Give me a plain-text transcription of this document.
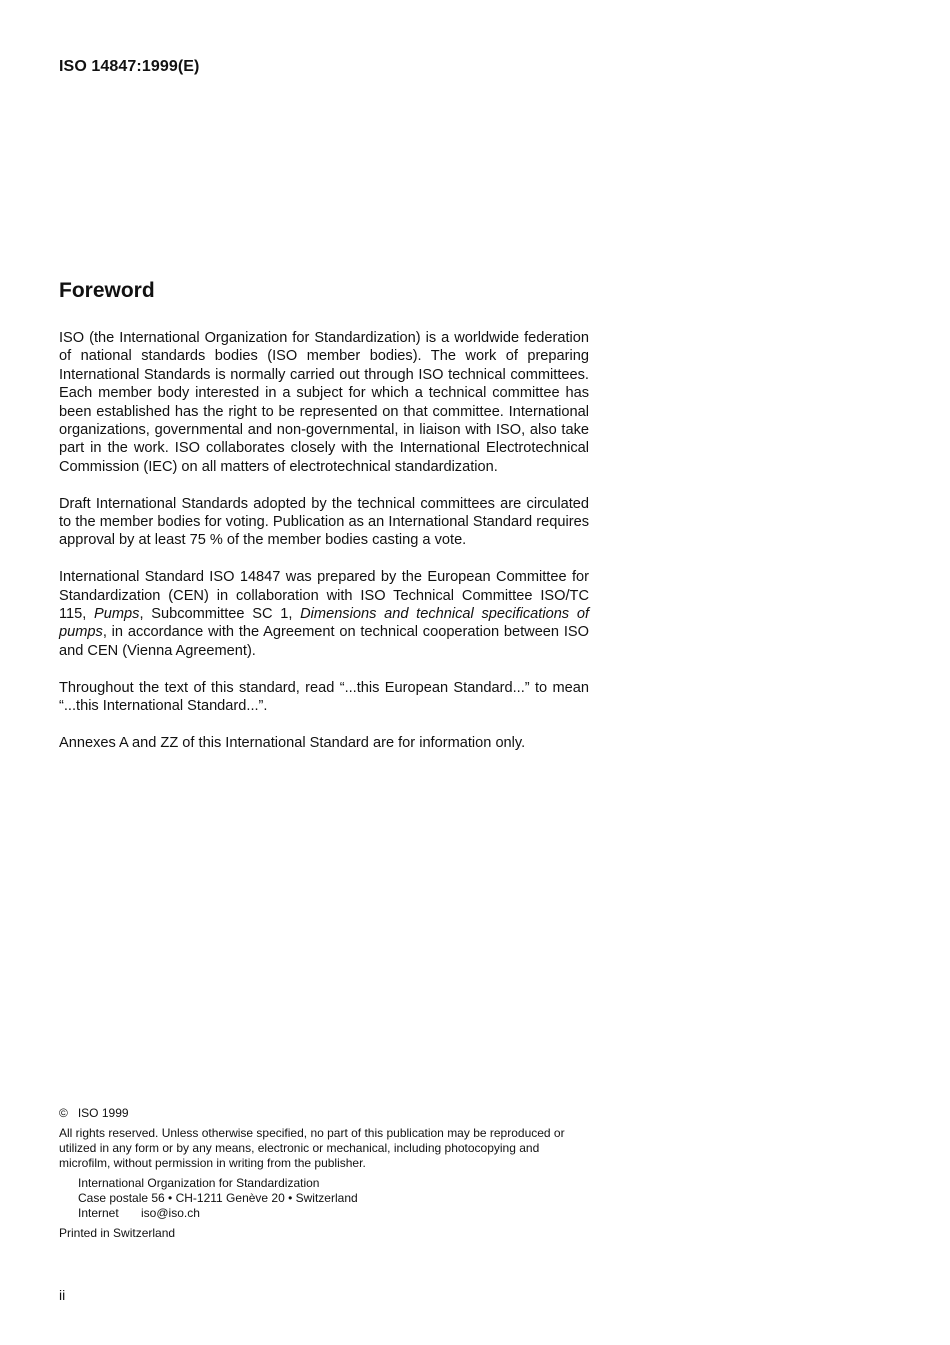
ISO 14847:1999(E)
Foreword

ISO (the International Organization for Standardization) is a worldwide federation of national standards bodies (ISO member bodies). The work of preparing International Standards is normally carried out through ISO technical committees. Each member body interested in a subject for which a technical committee has been established has the right to be represented on that committee. International organizations, governmental and non-governmental, in liaison with ISO, also take part in the work. ISO collaborates closely with the International Electrotechnical Commission (IEC) on all matters of electrotechnical standardization.

Draft International Standards adopted by the technical committees are circulated to the member bodies for voting. Publication as an International Standard requires approval by at least 75 % of the member bodies casting a vote.

International Standard ISO 14847 was prepared by the European Committee for Standardization (CEN) in collaboration with ISO Technical Committee ISO/TC 115, Pumps, Subcommittee SC 1, Dimensions and technical specifications of pumps, in accordance with the Agreement on technical cooperation between ISO and CEN (Vienna Agreement).

Throughout the text of this standard, read “...this European Standard...” to mean “...this International Standard...”.

Annexes A and ZZ of this International Standard are for information only.

© ISO 1999
All rights reserved. Unless otherwise specified, no part of this publication may be reproduced or utilized in any form or by any means, electronic or mechanical, including photocopying and microfilm, without permission in writing from the publisher.
International Organization for Standardization
Case postale 56 • CH-1211 Genève 20 • Switzerland
Internet iso@iso.ch
Printed in Switzerland
ii
